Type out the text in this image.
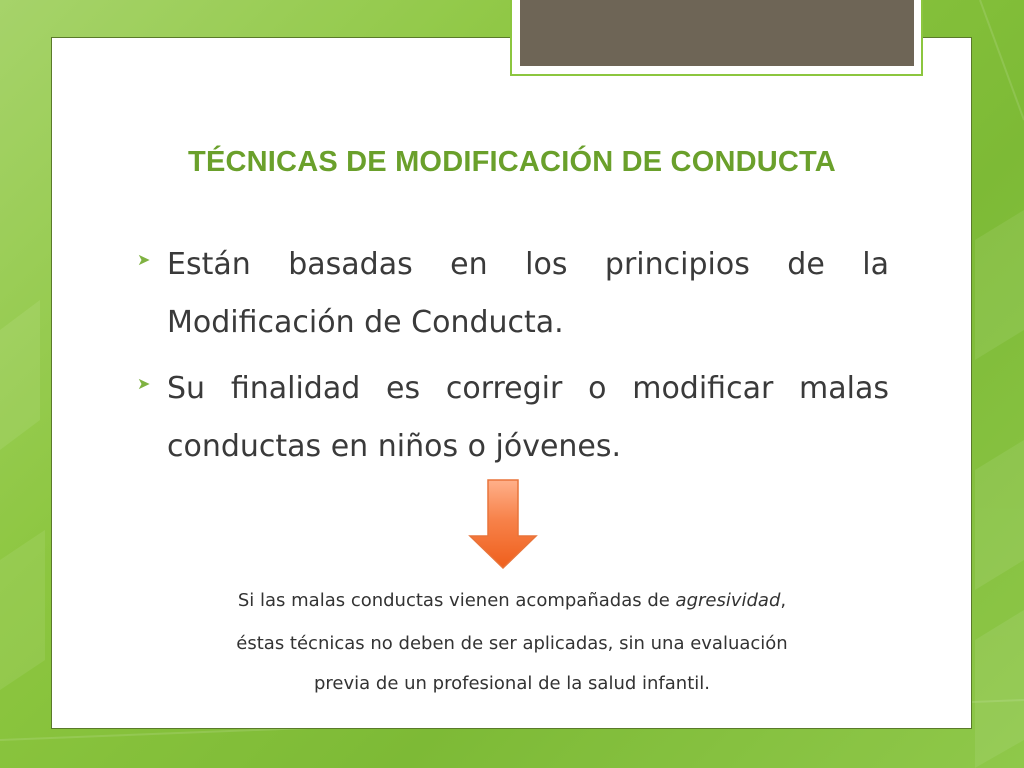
TÉCNICAS DE MODIFICACIÓN DE CONDUCTA
➤ Están basadas en los principios de la Modificación de Conducta.
➤ Su finalidad es corregir o modificar malas conductas en niños o jóvenes.
Si las malas conductas vienen acompañadas de agresividad,
éstas técnicas no deben de ser aplicadas, sin una evaluación
previa de un profesional de la salud infantil.
